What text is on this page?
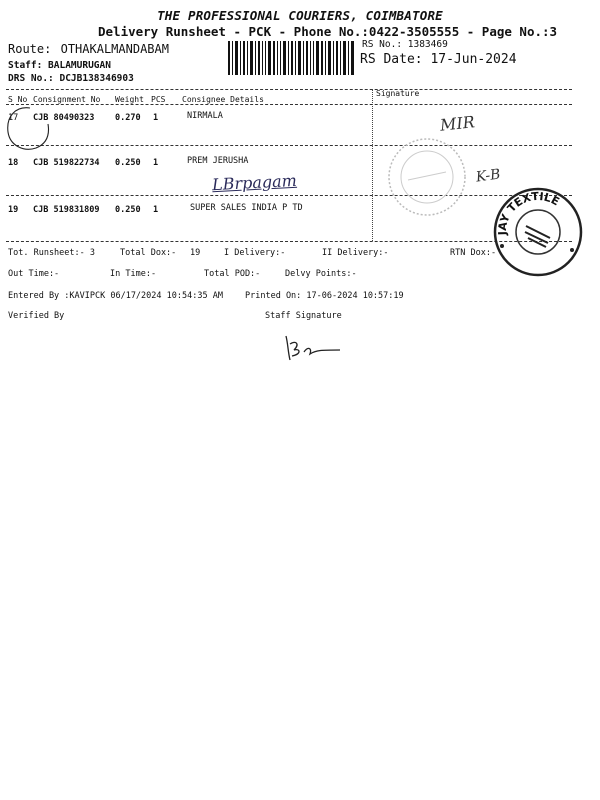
THE PROFESSIONAL COURIERS, COIMBATORE
Delivery Runsheet - PCK - Phone No.:0422-3505555 - Page No.:3
Route: OTHAKALMANDABAM
Staff: BALAMURUGAN
DRS No.: DCJB138346903
RS No.: 1383469
RS Date: 17-Jun-2024
S No Consignment No Weight PCS Consignee Details
Signature
17 CJB 80490323 0.270 1	NIRMALA
18 CJB 519822734 0.250 1	PREM JERUSHA
19 CJB 519831809 0.250 1	SUPER SALES INDIA P TD
MIR
LBrpagam	K-B
JAY TEXTILE
Tot. Runsheet:- 3	Total Dox:- 19	I Delivery:-	II Delivery:-	RTN Dox:-
Out Time:-	In Time:-	Total POD:-	Delvy Points:-
Entered By :KAVIPCK 06/17/2024 10:54:35 AM	Printed On: 17-06-2024 10:57:19
Verified By	Staff Signature
